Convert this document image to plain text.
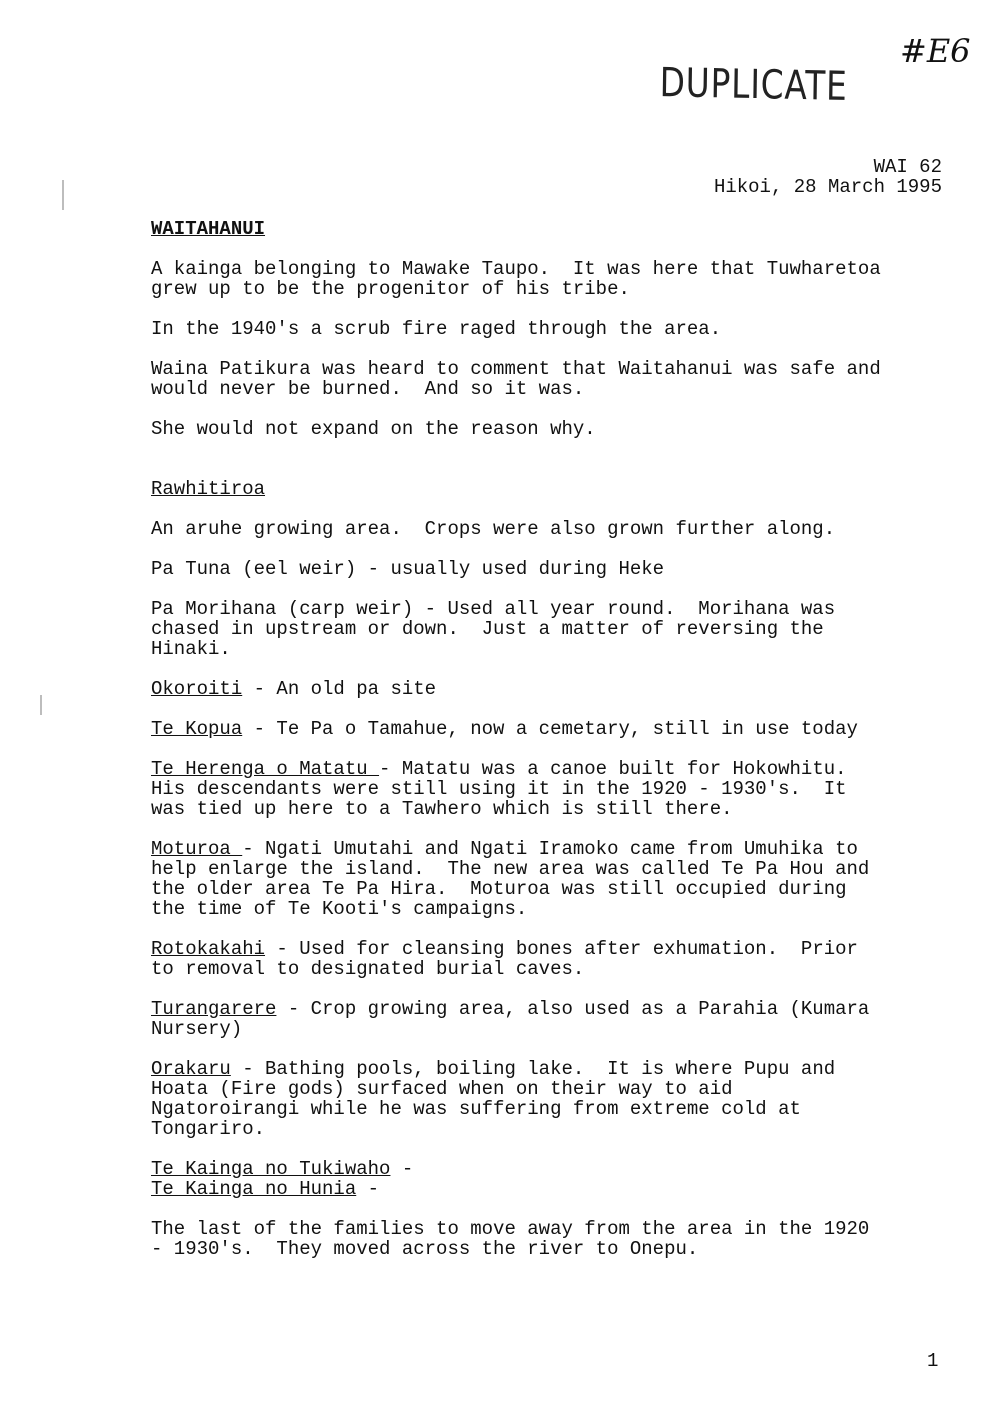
DUPLICATE
#E6
WAI 62
Hikoi, 28 March 1995

WAITAHANUI

A kainga belonging to Mawake Taupo.  It was here that Tuwharetoa
grew up to be the progenitor of his tribe.

In the 1940's a scrub fire raged through the area.

Waina Patikura was heard to comment that Waitahanui was safe and
would never be burned.  And so it was.

She would not expand on the reason why.

Rawhitiroa

An aruhe growing area.  Crops were also grown further along.

Pa Tuna (eel weir) - usually used during Heke

Pa Morihana (carp weir) - Used all year round.  Morihana was
chased in upstream or down.  Just a matter of reversing the
Hinaki.

Okoroiti - An old pa site

Te Kopua - Te Pa o Tamahue, now a cemetary, still in use today

Te Herenga o Matatu - Matatu was a canoe built for Hokowhitu.
His descendants were still using it in the 1920 - 1930's.  It
was tied up here to a Tawhero which is still there.

Moturoa - Ngati Umutahi and Ngati Iramoko came from Umuhika to
help enlarge the island.  The new area was called Te Pa Hou and
the older area Te Pa Hira.  Moturoa was still occupied during
the time of Te Kooti's campaigns.

Rotokakahi - Used for cleansing bones after exhumation.  Prior
to removal to designated burial caves.

Turangarere - Crop growing area, also used as a Parahia (Kumara
Nursery)

Orakaru - Bathing pools, boiling lake.  It is where Pupu and
Hoata (Fire gods) surfaced when on their way to aid
Ngatoroirangi while he was suffering from extreme cold at
Tongariro.

Te Kainga no Tukiwaho -

Te Kainga no Hunia -

The last of the families to move away from the area in the 1920
- 1930's.  They moved across the river to Onepu.

1
